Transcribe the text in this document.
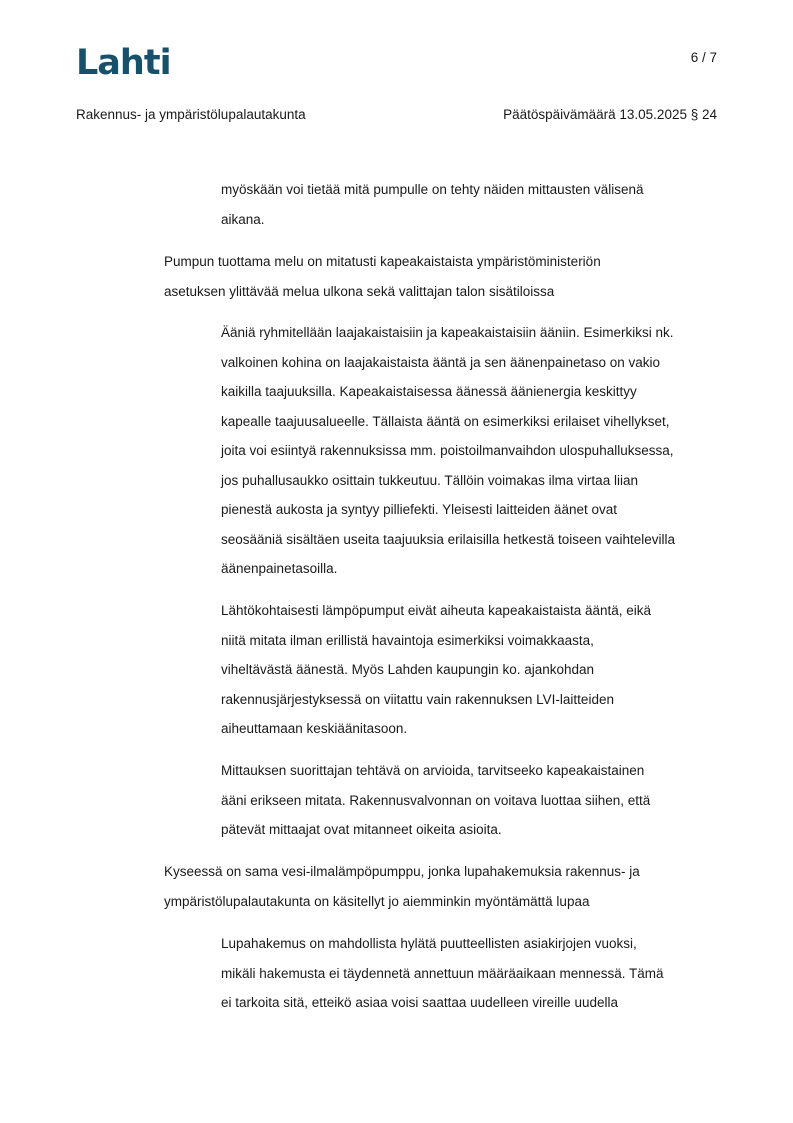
Lahti	6 / 7
Rakennus- ja ympäristölupalautakunta	Päätöspäivämäärä 13.05.2025 § 24
myöskään voi tietää mitä pumpulle on tehty näiden mittausten välisenä
aikana.
Pumpun tuottama melu on mitatusti kapeakaistaista ympäristöministeriön
asetuksen ylittävää melua ulkona sekä valittajan talon sisätiloissa
Ääniä ryhmitellään laajakaistaisiin ja kapeakaistaisiin ääniin. Esimerkiksi nk.
valkoinen kohina on laajakaistaista ääntä ja sen äänenpainetaso on vakio
kaikilla taajuuksilla. Kapeakaistaisessa äänessä äänienergia keskittyy
kapealle taajuusalueelle. Tällaista ääntä on esimerkiksi erilaiset vihellykset,
joita voi esiintyä rakennuksissa mm. poistoilmanvaihdon ulospuhalluksessa,
jos puhallusaukko osittain tukkeutuu. Tällöin voimakas ilma virtaa liian
pienestä aukosta ja syntyy pilliefekti. Yleisesti laitteiden äänet ovat
seosääniä sisältäen useita taajuuksia erilaisilla hetkestä toiseen vaihtelevilla
äänenpainetasoilla.
Lähtökohtaisesti lämpöpumput eivät aiheuta kapeakaistaista ääntä, eikä
niitä mitata ilman erillistä havaintoja esimerkiksi voimakkaasta,
viheltävästä äänestä. Myös Lahden kaupungin ko. ajankohdan
rakennusjärjestyksessä on viitattu vain rakennuksen LVI-laitteiden
aiheuttamaan keskiäänitasoon.
Mittauksen suorittajan tehtävä on arvioida, tarvitseeko kapeakaistainen
ääni erikseen mitata. Rakennusvalvonnan on voitava luottaa siihen, että
pätevät mittaajat ovat mitanneet oikeita asioita.
Kyseessä on sama vesi-ilmalämpöpumppu, jonka lupahakemuksia rakennus- ja
ympäristölupalautakunta on käsitellyt jo aiemminkin myöntämättä lupaa
Lupahakemus on mahdollista hylätä puutteellisten asiakirjojen vuoksi,
mikäli hakemusta ei täydennetä annettuun määräaikaan mennessä. Tämä
ei tarkoita sitä, etteikö asiaa voisi saattaa uudelleen vireille uudella
